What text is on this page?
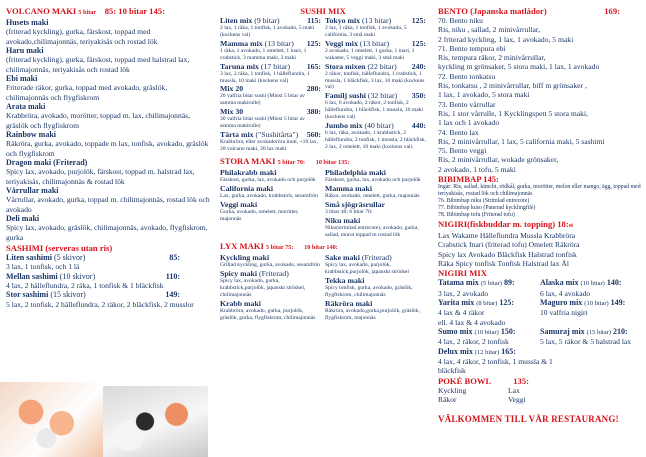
VOLCANO MAKI 5 bitar 85: 10 bitar 145:
Husets maki
(friterad kyckling), gurka, färskost, toppad med avokado,chilimajonnäs, teriyakisås och rostad lök
Haru maki
(friterad kyckling), gurka, färskost, toppad med halstrad lax, chilimajonnäs, teriyakisås och rostad lök
Ebi maki
Friterade räkor, gurka, toppad med avokado, gräslök, chilimajonnäs och flygfiskrom
Arata maki
Krabbröra, avokado, morötter, toppad m. lax, chilimajonnäs, gräslök och flygfiskrom
Rainbow maki
Räkröra, gurka, avokado, toppade m lax, tonfisk, avokado, gräslök och flygfiskrom
Dragon maki (Friterad)
Spicy lax, avokado, purjolök, färskost, toppad m. halstrad lax, teriyakisås, chilimajonnäs & rostad lök
Vårrullar maki
Vårrullar, avokado, gurka, toppad m. chilimajonnäs, rostad lök och avokado
Deli maki
Spicy lax, avokado, gräslök, chilimajonnäs, avokado, flygfiskrom, gurka
SASHIMI (serveras utan ris)
Liten sashimi (5 skivor)	85:
3 lax, 1 tonfisk, och 1 lä
Mellan sashimi (10 skivor)	110:
4 lax, 2 hälleflundra, 2 räka, 1 tonfisk & 1 bläckfisk
Stor sashimi (15 skivor)	149:
5 lax, 2 tonfisk, 2 hälleflundra, 2 räkor, 2 bläckfisk, 2 musslor
SUSHI MIX
Liten mix (9 bitar)	115:
2 lax, 1 räka, 1 tonfisk, 1 avokado, 5 maki (kockens val)
Mamma mix (13 bitar) 125:
1 räka, 1 avokado, 1 omelett, 1 inari, 1 crabstick, 3 mamma maki, 3 maki
Taruna mix (17 bitar) 165:
3 lax, 2 räka, 1 tonfisk, 1 hälleflundra, 1 mussla, 10 maki (kockens val)
Mix 20	280:
20 valfria bitar sushi (Minst 5 bitar av samma makirulle)
Mix 30	380:
30 valfria bitar sushi (Minst 5 bitar av samma makirulle)
Tärta mix ("Sushitårta") 560:
Krabbröra, eller avokadoröra inuti, +10 lax, 20 volcano maki, 20 lax maki
Tokyo mix (13 bitar)	125:
2 lax, 1 räka, 1 tonfisk, 1 avokado, 5 california, 3 små maki
Veggi mix (13 bitar)	125:
2 avokado, 1 omelett, 1 gurka, 1 inari, 1 wakame, 5 veggi maki, 3 små maki
Stora mixen (22 bitar) 240:
2 räkor, tonfisk, hälleflundra, 1 crabstick, 1 mussla, 1 bläckfisk, 3 lax, 10 maki (kockens val)
Familj sushi (32 bitar) 350:
6 lax, 6 avokado, 2 räkor, 2 tonfisk, 2 hälleflundra, 1 bläckfisk, 1 mussla, 10 maki (kockens val)
Jumbo mix (40 bitar) 440:
6 lax, räka, avokado, 1 krabbstick, 2 hälleflundra, 2 tonfisk, 1 mussla, 2 bläckfisk, 2 lax, 2 omelett, 10 maki (kockens val)
STORA MAKI 5 bitar 70: 10 bitar 135:
Philakrabb maki
Färskost, gurka, lax, avokado och purjolök
California maki
Lax, gurka, avokado, krabbstick, sesamfrön
Veggi maki
Gurka, avokado, omelett, morötter, majonnäs
Philadelphia maki
Färskost, gurka, lax, avokado och purjolök
Mamma maki
Räkor, avokado, omelett, gurka, majonnäs
Små sjögräsrullar
3 bitar 40: 6 bitar 70:
Niku maki
Niku(strimlad entrecote), avokado, gurka, sallad, morot toppad m rostad lök
LYX MAKI 5 bitar 75: 10 bitar 140:
Kyckling maki
Grillad kyckling, gurka, avokado, sesamfrön
Spicy maki (Friterad)
Spicy lax, avokado, gurka, krabbstick,purjolök, japanskt strödsel, chilimajonnäs
Krabb maki
Krabbröra, avokado, gurka, purjolök, gräslök, gurka, flygfiskrom, chilimajonnäs
Sake maki (Friterad)
Spicy lax, avokado, purjolök, krabbstick,purjolök, japanskt strödsel
Tekka maki
Spicy tonfisk, gurka, avokado, gräslök, flygfiskrom, chilimajonnäs
Räkröra maki
Räkröra, avokado,gurka,purjolök, gräslök, flygfiskrom, majonnäs
BENTO (Japanska matlådor)	169:
70. Bento niku
Ris, niku , sallad, 2 minivårrullar,
2 friterad kyckling, 1 lax, 1 avokado, 5 maki
71. Bento tempura ebi
Ris, tempura räkor, 2 minivårrullar,
kyckling m grönsaker, 5 stora maki, 1 lax, 1 avokado
72. Bento tonkatsu
Ris, tonkatsu , 2 minivårrullar, biff m grönsaker ,
1 lax, 1 avokado, 5 stora maki
73. Bento vårrullar
Ris, 1 stor vårrulle, 1 Kycklingspett 5 stora maki,
1 lax och 1 avokado
74. Bento lax
Ris, 2 minivårrullar, 1 lax, 5 california maki, 5 sashimi
75. Bento veggi
Ris, 2 minivårrullar, wokade grönsaker,
2 avokado, 1 tofu, 5 maki
BIBIMBAP 145:
Ingår: Ris, sallad, kimchi, rödkål, gurka, morötter, melon eller mango, ägg, toppad med teriyakisås, rostad lök och chilimajonnäs
76. Bibimbap niku (Strimlad entrecote)
77. Bibimbap kuso (Panerad kycklingfilé)
78. Bibimbap tofu (Friterad tofu)
NIGIRI(fiskbuddar m. topping) 18:st
Lax Wakame Hälleflundra Mussla Krabbröra
Crabstick Inari (friterad tofu) Omelett Räkröra
Spicy lax Avokado Bläckfisk Halstrad tonfisk
Räka Spicy tonfisk Tonfisk Halstrad lax Ål
NIGIRI MIX
Tatama mix (5 bitar) 89:	Alaska mix (10 bitar) 140:
3 lax, 2 avokado	6 lax, 4 avokado
Yarita mix (8 bitar) 125:	Maguro mix (10 bitar) 149:
4 lax & 4 räkor	10 valfria nigiri
ell. 4 lax & 4 avokado
Sumo mix (10 bitar) 150:	Samuraj mix (15 bitar) 210:
4 lax, 2 räkor, 2 tonfisk	5 lax, 5 räkor & 5 halstrad lax
Delux mix (12 bitar) 165:
4 lax, 4 räkor, 2 tonfisk, 1 mussla & 1 bläckfisk
POKÉ BOWL	135:
Kyckling	Lax
Räkor	Veggi
VÄLKOMMEN TILL VÅR RESTAURANG!
